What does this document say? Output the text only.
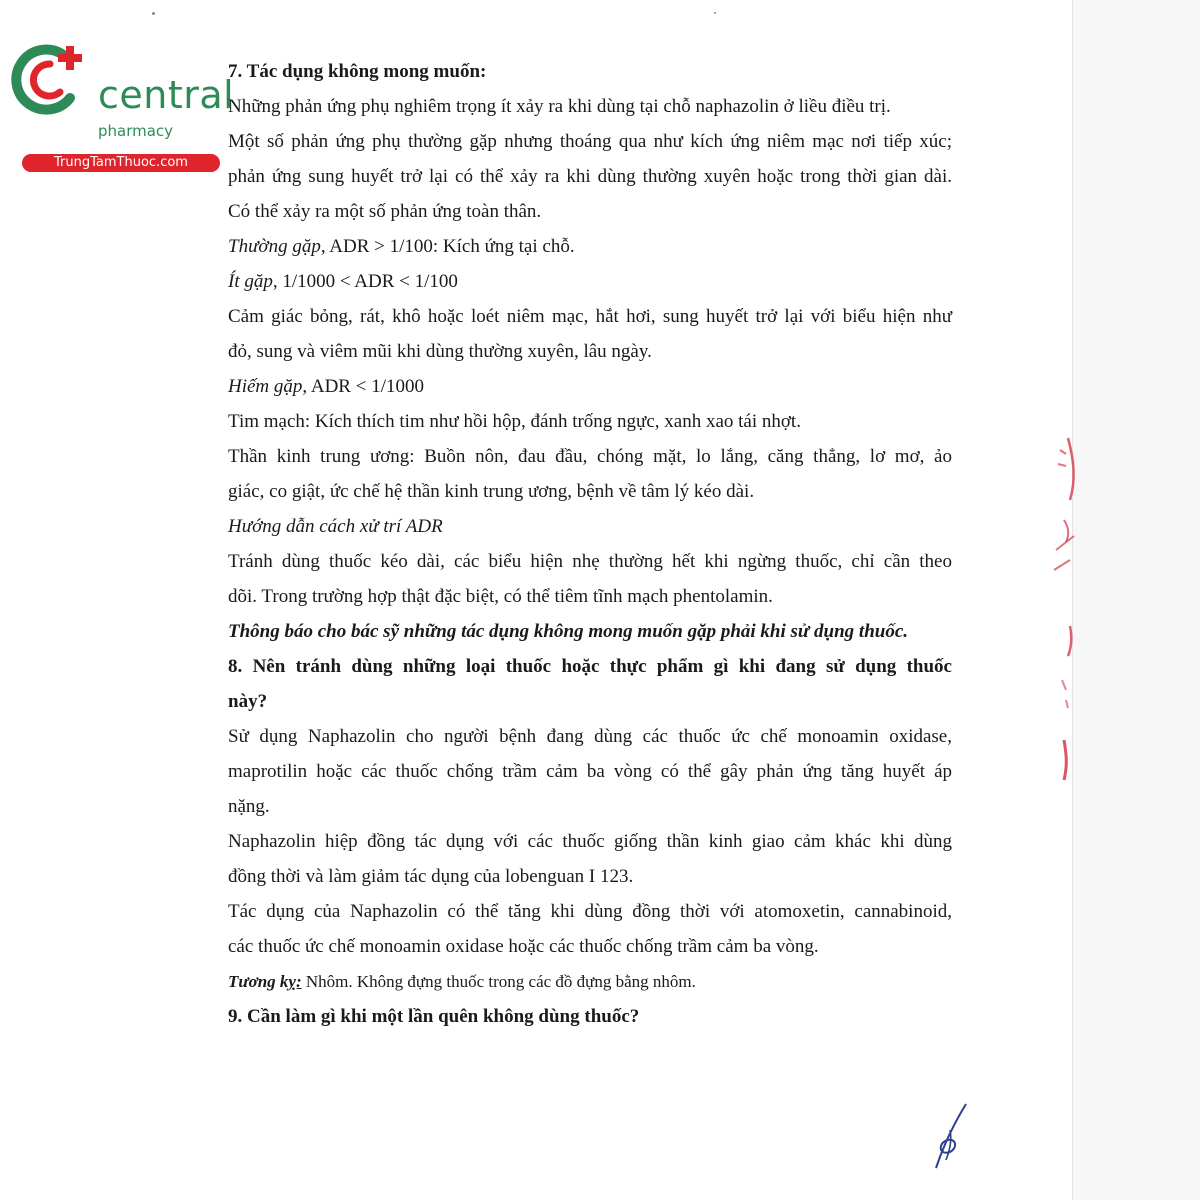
central
pharmacy
TrungTamThuoc.com
7. Tác dụng không mong muốn:
Những phản ứng phụ nghiêm trọng ít xảy ra khi dùng tại chỗ naphazolin ở liều điều trị.
Một số phản ứng phụ thường gặp nhưng thoáng qua như kích ứng niêm mạc nơi tiếp xúc;
phản ứng sung huyết trở lại có thể xảy ra khi dùng thường xuyên hoặc trong thời gian dài.
Có thể xảy ra một số phản ứng toàn thân.
Thường gặp, ADR > 1/100: Kích ứng tại chỗ.
Ít gặp, 1/1000 < ADR < 1/100
Cảm giác bỏng, rát, khô hoặc loét niêm mạc, hắt hơi, sung huyết trở lại với biểu hiện như
đỏ, sung và viêm mũi khi dùng thường xuyên, lâu ngày.
Hiếm gặp, ADR < 1/1000
Tim mạch: Kích thích tim như hồi hộp, đánh trống ngực, xanh xao tái nhợt.
Thần kinh trung ương: Buồn nôn, đau đầu, chóng mặt, lo lắng, căng thẳng, lơ mơ, ảo
giác, co giật, ức chế hệ thần kinh trung ương, bệnh về tâm lý kéo dài.
Hướng dẫn cách xử trí ADR
Tránh dùng thuốc kéo dài, các biểu hiện nhẹ thường hết khi ngừng thuốc, chỉ cần theo
dõi. Trong trường hợp thật đặc biệt, có thể tiêm tĩnh mạch phentolamin.
Thông báo cho bác sỹ những tác dụng không mong muốn gặp phải khi sử dụng thuốc.
8. Nên tránh dùng những loại thuốc hoặc thực phẩm gì khi đang sử dụng thuốc
này?
Sử dụng Naphazolin cho người bệnh đang dùng các thuốc ức chế monoamin oxidase,
maprotilin hoặc các thuốc chống trầm cảm ba vòng có thể gây phản ứng tăng huyết áp
nặng.
Naphazolin hiệp đồng tác dụng với các thuốc giống thần kinh giao cảm khác khi dùng
đồng thời và làm giảm tác dụng của lobenguan I 123.
Tác dụng của Naphazolin có thể tăng khi dùng đồng thời với atomoxetin, cannabinoid,
các thuốc ức chế monoamin oxidase hoặc các thuốc chống trầm cảm ba vòng.
Tương kỵ: Nhôm. Không đựng thuốc trong các đồ đựng bằng nhôm.
9. Cần làm gì khi một lần quên không dùng thuốc?
